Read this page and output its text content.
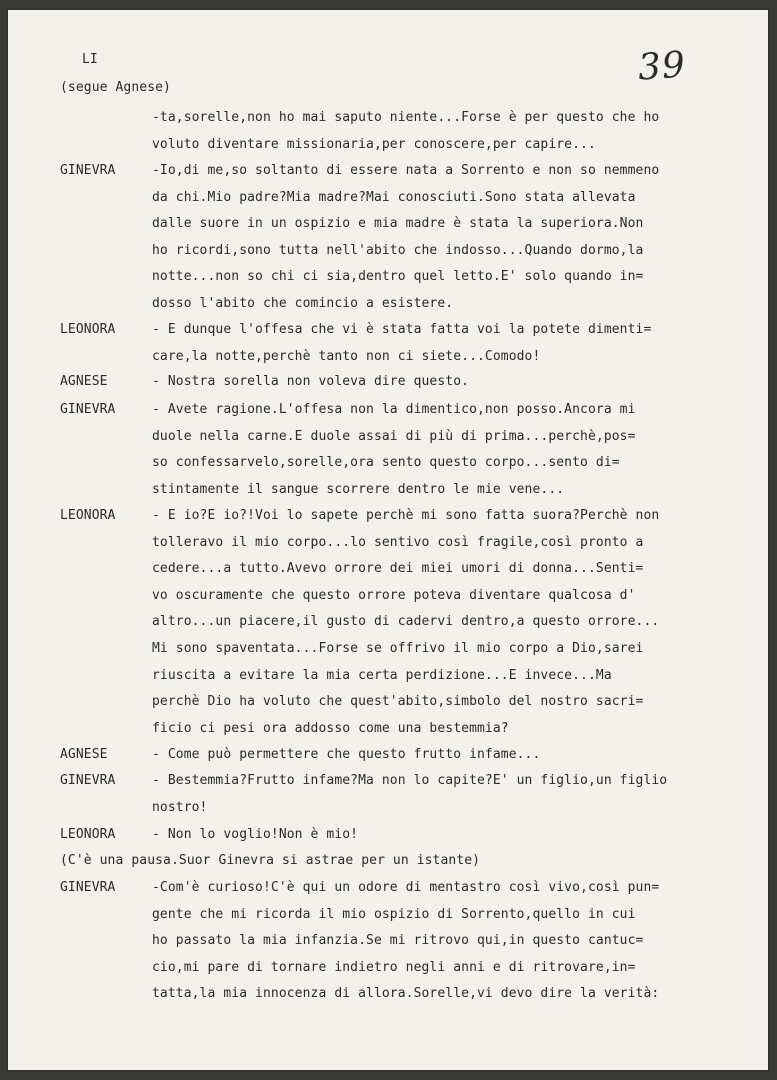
LI	39
(segue Agnese)
-ta,sorelle,non ho mai saputo niente...Forse è per questo che ho
voluto diventare missionaria,per conoscere,per capire...
GINEVRA	-Io,di me,so soltanto di essere nata a Sorrento e non so nemmeno
da chi.Mio padre?Mia madre?Mai conosciuti.Sono stata allevata
dalle suore in un ospizio e mia madre è stata la superiora.Non
ho ricordi,sono tutta nell'abito che indosso...Quando dormo,la
notte...non so chi ci sia,dentro quel letto.E' solo quando in=
dosso l'abito che comincio a esistere.
LEONORA	- E dunque l'offesa che vi è stata fatta voi la potete dimenti=
care,la notte,perchè tanto non ci siete...Comodo!
AGNESE	- Nostra sorella non voleva dire questo.
GINEVRA	- Avete ragione.L'offesa non la dimentico,non posso.Ancora mi
duole nella carne.E duole assai di più di prima...perchè,pos=
so confessarvelo,sorelle,ora sento questo corpo...sento di=
stintamente il sangue scorrere dentro le mie vene...
LEONORA	- E io?E io?!Voi lo sapete perchè mi sono fatta suora?Perchè non
tolleravo il mio corpo...lo sentivo così fragile,così pronto a
cedere...a tutto.Avevo orrore dei miei umori di donna...Senti=
vo oscuramente che questo orrore poteva diventare qualcosa d'
altro...un piacere,il gusto di cadervi dentro,a questo orrore...
Mi sono spaventata...Forse se offrivo il mio corpo a Dio,sarei
riuscita a evitare la mia certa perdizione...E invece...Ma
perchè Dio ha voluto che quest'abito,simbolo del nostro sacri=
ficio ci pesi ora addosso come una bestemmia?
AGNESE	- Come può permettere che questo frutto infame...
GINEVRA	- Bestemmia?Frutto infame?Ma non lo capite?E' un figlio,un figlio
nostro!
LEONORA	- Non lo voglio!Non è mio!
(C'è una pausa.Suor Ginevra si astrae per un istante)
GINEVRA	-Com'è curioso!C'è qui un odore di mentastro così vivo,così pun=
gente che mi ricorda il mio ospizio di Sorrento,quello in cui
ho passato la mia infanzia.Se mi ritrovo qui,in questo cantuc=
cio,mi pare di tornare indietro negli anni e di ritrovare,in=
tatta,la mia innocenza di allora.Sorelle,vi devo dire la verità:
